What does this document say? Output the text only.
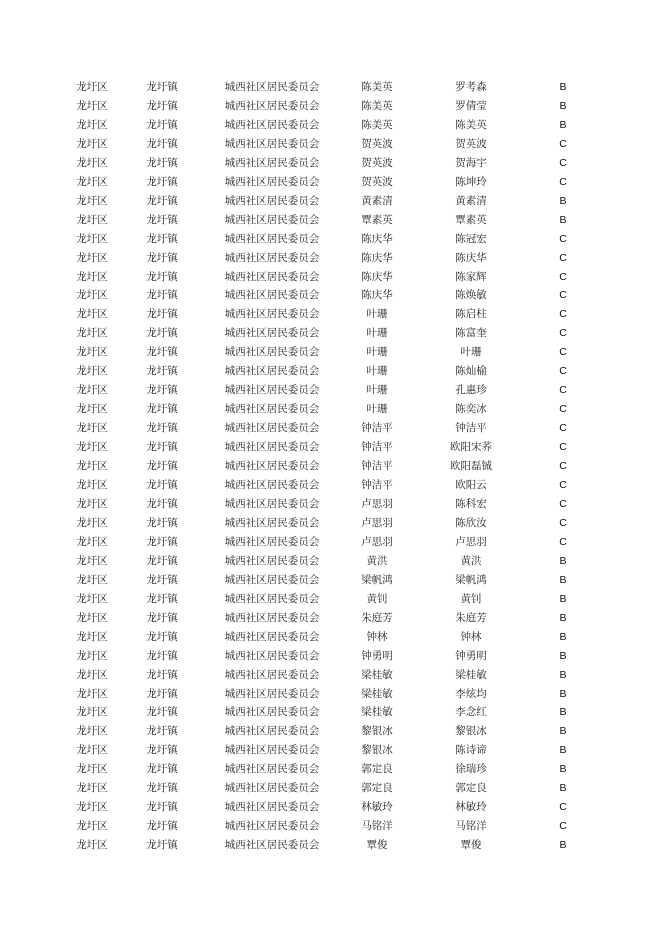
龙圩区	龙圩镇	城西社区居民委员会	陈美英	罗考森	B
龙圩区	龙圩镇	城西社区居民委员会	陈美英	罗倩莹	B
龙圩区	龙圩镇	城西社区居民委员会	陈美英	陈美英	B
龙圩区	龙圩镇	城西社区居民委员会	贺英波	贺英波	C
龙圩区	龙圩镇	城西社区居民委员会	贺英波	贺海宇	C
龙圩区	龙圩镇	城西社区居民委员会	贺英波	陈坤玲	C
龙圩区	龙圩镇	城西社区居民委员会	黄素清	黄素清	B
龙圩区	龙圩镇	城西社区居民委员会	覃素英	覃素英	B
龙圩区	龙圩镇	城西社区居民委员会	陈庆华	陈冠宏	C
龙圩区	龙圩镇	城西社区居民委员会	陈庆华	陈庆华	C
龙圩区	龙圩镇	城西社区居民委员会	陈庆华	陈家辉	C
龙圩区	龙圩镇	城西社区居民委员会	陈庆华	陈焕敏	C
龙圩区	龙圩镇	城西社区居民委员会	叶珊	陈启柱	C
龙圩区	龙圩镇	城西社区居民委员会	叶珊	陈富奎	C
龙圩区	龙圩镇	城西社区居民委员会	叶珊	叶珊	C
龙圩区	龙圩镇	城西社区居民委员会	叶珊	陈灿榆	C
龙圩区	龙圩镇	城西社区居民委员会	叶珊	孔惠珍	C
龙圩区	龙圩镇	城西社区居民委员会	叶珊	陈奕冰	C
龙圩区	龙圩镇	城西社区居民委员会	钟洁平	钟洁平	C
龙圩区	龙圩镇	城西社区居民委员会	钟洁平	欧阳宋荞	C
龙圩区	龙圩镇	城西社区居民委员会	钟洁平	欧阳磊铖	C
龙圩区	龙圩镇	城西社区居民委员会	钟洁平	欧阳云	C
龙圩区	龙圩镇	城西社区居民委员会	卢思羽	陈科宏	C
龙圩区	龙圩镇	城西社区居民委员会	卢思羽	陈欣汝	C
龙圩区	龙圩镇	城西社区居民委员会	卢思羽	卢思羽	C
龙圩区	龙圩镇	城西社区居民委员会	黄洪	黄洪	B
龙圩区	龙圩镇	城西社区居民委员会	梁帆鸿	梁帆鸿	B
龙圩区	龙圩镇	城西社区居民委员会	黄钊	黄钊	B
龙圩区	龙圩镇	城西社区居民委员会	朱庭芳	朱庭芳	B
龙圩区	龙圩镇	城西社区居民委员会	钟林	钟林	B
龙圩区	龙圩镇	城西社区居民委员会	钟勇明	钟勇明	B
龙圩区	龙圩镇	城西社区居民委员会	梁桂敏	梁桂敏	B
龙圩区	龙圩镇	城西社区居民委员会	梁桂敏	李炫均	B
龙圩区	龙圩镇	城西社区居民委员会	梁桂敏	李念红	B
龙圩区	龙圩镇	城西社区居民委员会	黎银冰	黎银冰	B
龙圩区	龙圩镇	城西社区居民委员会	黎银冰	陈诗谛	B
龙圩区	龙圩镇	城西社区居民委员会	郭定良	徐瑞珍	B
龙圩区	龙圩镇	城西社区居民委员会	郭定良	郭定良	B
龙圩区	龙圩镇	城西社区居民委员会	林敏玲	林敏玲	C
龙圩区	龙圩镇	城西社区居民委员会	马铭洋	马铭洋	C
龙圩区	龙圩镇	城西社区居民委员会	覃俊	覃俊	B
